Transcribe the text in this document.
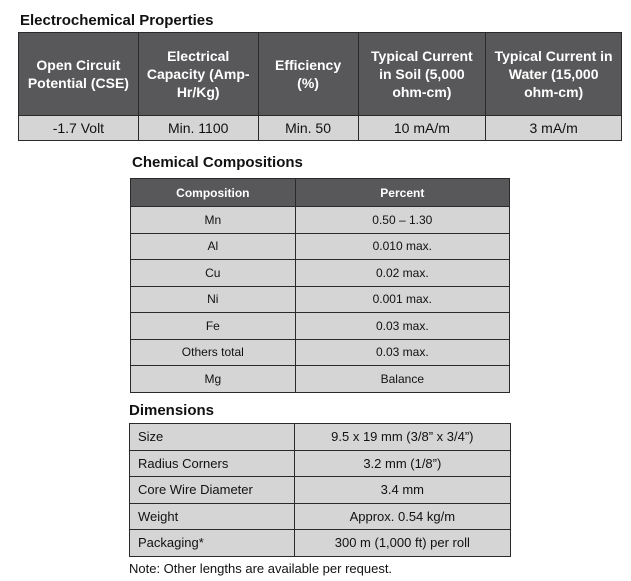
Electrochemical Properties
Open Circuit Potential (CSE)	Electrical Capacity (Amp-Hr/Kg)	Efficiency (%)	Typical Current in Soil (5,000 ohm-cm)	Typical Current in Water (15,000 ohm-cm)
-1.7 Volt	Min. 1100	Min. 50	10 mA/m	3 mA/m
Chemical Compositions
Composition	Percent
Mn	0.50 – 1.30
Al	0.010 max.
Cu	0.02 max.
Ni	0.001 max.
Fe	0.03 max.
Others total	0.03 max.
Mg	Balance
Dimensions
Size	9.5 x 19 mm (3/8” x 3/4”)
Radius Corners	3.2 mm (1/8”)
Core Wire Diameter	3.4 mm
Weight	Approx. 0.54 kg/m
Packaging*	300 m (1,000 ft) per roll
Note: Other lengths are available per request.
